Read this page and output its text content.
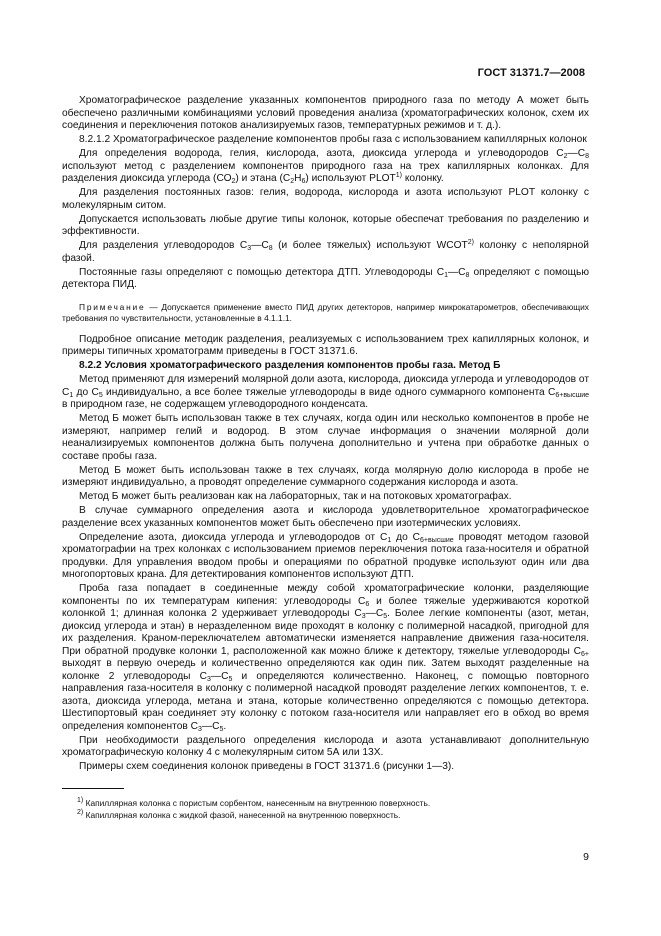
ГОСТ 31371.7—2008

Хроматографическое разделение указанных компонентов природного газа по методу А может быть обеспечено различными комбинациями условий проведения анализа (хроматографических колонок, схем их соединения и переключения потоков анализируемых газов, температурных режимов и т. д.).

8.2.1.2 Хроматографическое разделение компонентов пробы газа с использованием капиллярных колонок

Для определения водорода, гелия, кислорода, азота, диоксида углерода и углеводородов $С_2—С_8$ используют метод с разделением компонентов природного газа на трех капиллярных колонках. Для разделения диоксида углерода $(СО_2)$ и этана $(С_2Н_6)$ используют PLOT$^{1)}$ колонку.

Для разделения постоянных газов: гелия, водорода, кислорода и азота используют PLOT колонку с молекулярным ситом.

Допускается использовать любые другие типы колонок, которые обеспечат требования по разделению и эффективности.

Для разделения углеводородов $С_3—С_8$ (и более тяжелых) используют WCOT$^{2)}$ колонку с неполярной фазой.

Постоянные газы определяют с помощью детектора ДТП. Углеводороды $С_1—С_8$ определяют с помощью детектора ПИД.

Примечание — Допускается применение вместо ПИД других детекторов, например микрокатарометров, обеспечивающих требования по чувствительности, установленные в 4.1.1.1.

Подробное описание методик разделения, реализуемых с использованием трех капиллярных колонок, и примеры типичных хроматограмм приведены в ГОСТ 31371.6.

8.2.2 Условия хроматографического разделения компонентов пробы газа. Метод Б

Метод применяют для измерений молярной доли азота, кислорода, диоксида углерода и углеводородов от $С_1$ до $С_5$ индивидуально, а все более тяжелые углеводороды в виде одного суммарного компонента $С_{6+высшие}$ в природном газе, не содержащем углеводородного конденсата.

Метод Б может быть использован также в тех случаях, когда один или несколько компонентов в пробе не измеряют, например гелий и водород. В этом случае информация о значении молярной доли неанализируемых компонентов должна быть получена дополнительно и учтена при обработке данных о составе пробы газа.

Метод Б может быть использован также в тех случаях, когда молярную долю кислорода в пробе не измеряют индивидуально, а проводят определение суммарного содержания кислорода и азота.

Метод Б может быть реализован как на лабораторных, так и на потоковых хроматографах.

В случае суммарного определения азота и кислорода удовлетворительное хроматографическое разделение всех указанных компонентов может быть обеспечено при изотермических условиях.

Определение азота, диоксида углерода и углеводородов от $С_1$ до $С_{6+высшие}$ проводят методом газовой хроматографии на трех колонках с использованием приемов переключения потока газа-носителя и обратной продувки. Для управления вводом пробы и операциями по обратной продувке используют один или два многопортовых крана. Для детектирования компонентов используют ДТП.

Проба газа попадает в соединенные между собой хроматографические колонки, разделяющие компоненты по их температурам кипения: углеводороды $С_6$ и более тяжелые удерживаются короткой колонкой 1; длинная колонка 2 удерживает углеводороды $С_3—С_5$. Более легкие компоненты (азот, метан, диоксид углерода и этан) в неразделенном виде проходят в колонку с полимерной насадкой, пригодной для их разделения. Краном-переключателем автоматически изменяется направление движения газа-носителя. При обратной продувке колонки 1, расположенной как можно ближе к детектору, тяжелые углеводороды $С_{6+}$ выходят в первую очередь и количественно определяются как один пик. Затем выходят разделенные на колонке 2 углеводороды $С_3—С_5$ и определяются количественно. Наконец, с помощью повторного направления газа-носителя в колонку с полимерной насадкой проводят разделение легких компонентов, т. е. азота, диоксида углерода, метана и этана, которые количественно определяются с помощью детектора. Шестипортовый кран соединяет эту колонку с потоком газа-носителя или направляет его в обход во время определения компонентов $С_3—С_5$.

При необходимости раздельного определения кислорода и азота устанавливают дополнительную хроматографическую колонку 4 с молекулярным ситом 5А или 13Х.

Примеры схем соединения колонок приведены в ГОСТ 31371.6 (рисунки 1—3).

$^{1)}$ Капиллярная колонка с пористым сорбентом, нанесенным на внутреннюю поверхность.
$^{2)}$ Капиллярная колонка с жидкой фазой, нанесенной на внутреннюю поверхность.
9
